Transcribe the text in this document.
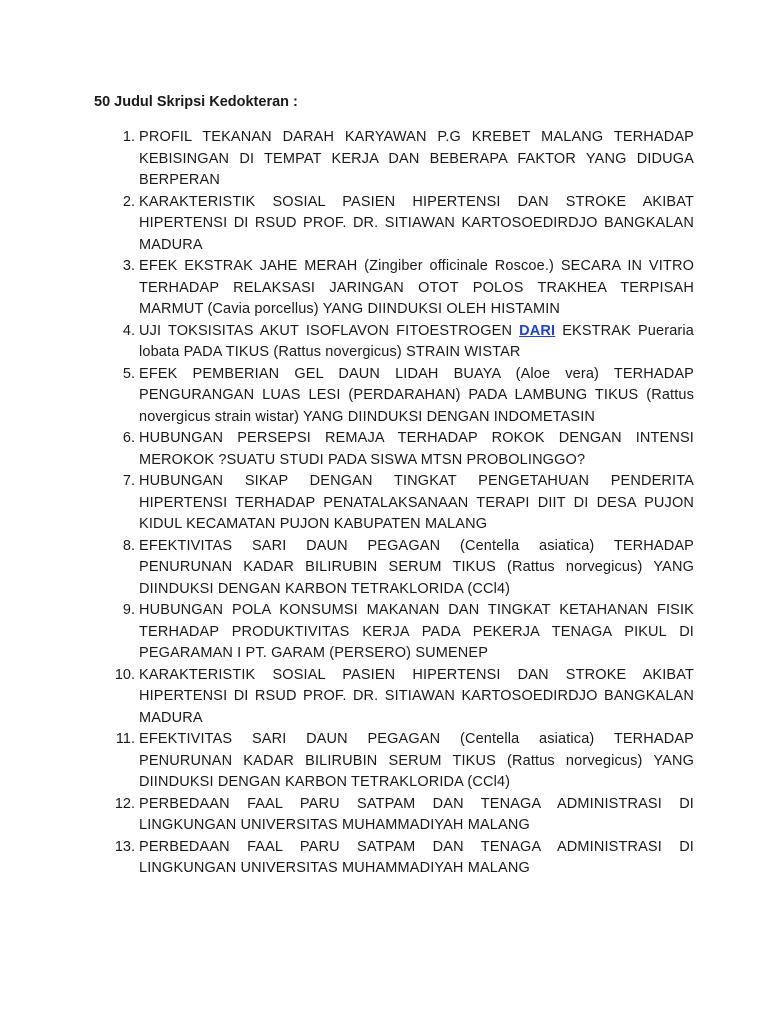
50 Judul Skripsi Kedokteran :
1. PROFIL TEKANAN DARAH KARYAWAN P.G KREBET MALANG TERHADAP KEBISINGAN DI TEMPAT KERJA DAN BEBERAPA FAKTOR YANG DIDUGA BERPERAN
2. KARAKTERISTIK SOSIAL PASIEN HIPERTENSI DAN STROKE AKIBAT HIPERTENSI DI RSUD PROF. DR. SITIAWAN KARTOSOEDIRDJO BANGKALAN MADURA
3. EFEK EKSTRAK JAHE MERAH (Zingiber officinale Roscoe.) SECARA IN VITRO TERHADAP RELAKSASI JARINGAN OTOT POLOS TRAKHEA TERPISAH MARMUT (Cavia porcellus) YANG DIINDUKSI OLEH HISTAMIN
4. UJI TOKSISITAS AKUT ISOFLAVON FITOESTROGEN DARI EKSTRAK Pueraria lobata PADA TIKUS (Rattus novergicus) STRAIN WISTAR
5. EFEK PEMBERIAN GEL DAUN LIDAH BUAYA (Aloe vera) TERHADAP PENGURANGAN LUAS LESI (PERDARAHAN) PADA LAMBUNG TIKUS (Rattus novergicus strain wistar) YANG DIINDUKSI DENGAN INDOMETASIN
6. HUBUNGAN PERSEPSI REMAJA TERHADAP ROKOK DENGAN INTENSI MEROKOK ?SUATU STUDI PADA SISWA MTSN PROBOLINGGO?
7. HUBUNGAN SIKAP DENGAN TINGKAT PENGETAHUAN PENDERITA HIPERTENSI TERHADAP PENATALAKSANAAN TERAPI DIIT DI DESA PUJON KIDUL KECAMATAN PUJON KABUPATEN MALANG
8. EFEKTIVITAS SARI DAUN PEGAGAN (Centella asiatica) TERHADAP PENURUNAN KADAR BILIRUBIN SERUM TIKUS (Rattus norvegicus) YANG DIINDUKSI DENGAN KARBON TETRAKLORIDA (CCl4)
9. HUBUNGAN POLA KONSUMSI MAKANAN DAN TINGKAT KETAHANAN FISIK TERHADAP PRODUKTIVITAS KERJA PADA PEKERJA TENAGA PIKUL DI PEGARAMAN I PT. GARAM (PERSERO) SUMENEP
10. KARAKTERISTIK SOSIAL PASIEN HIPERTENSI DAN STROKE AKIBAT HIPERTENSI DI RSUD PROF. DR. SITIAWAN KARTOSOEDIRDJO BANGKALAN MADURA
11. EFEKTIVITAS SARI DAUN PEGAGAN (Centella asiatica) TERHADAP PENURUNAN KADAR BILIRUBIN SERUM TIKUS (Rattus norvegicus) YANG DIINDUKSI DENGAN KARBON TETRAKLORIDA (CCl4)
12. PERBEDAAN FAAL PARU SATPAM DAN TENAGA ADMINISTRASI DI LINGKUNGAN UNIVERSITAS MUHAMMADIYAH MALANG
13. PERBEDAAN FAAL PARU SATPAM DAN TENAGA ADMINISTRASI DI LINGKUNGAN UNIVERSITAS MUHAMMADIYAH MALANG
